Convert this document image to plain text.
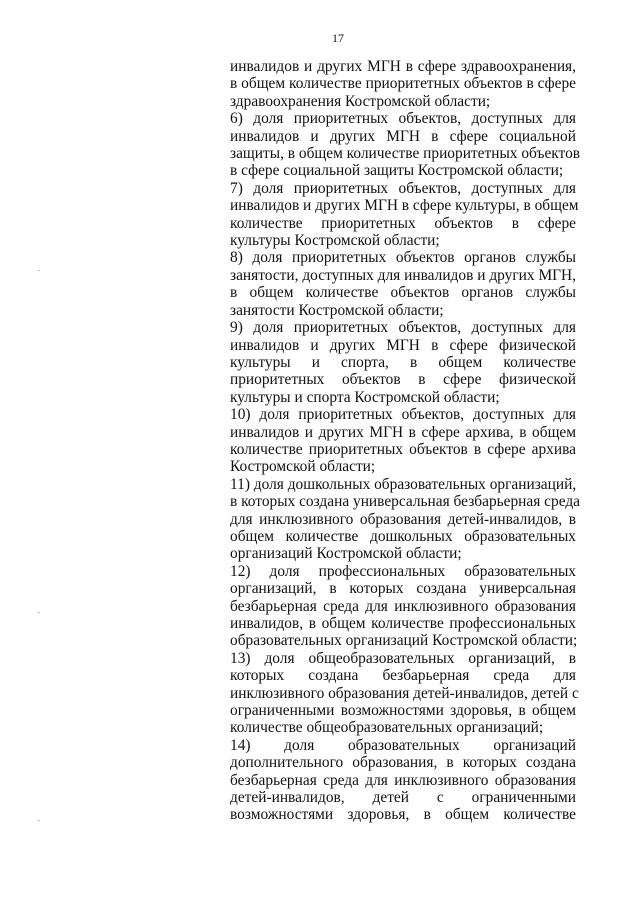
17
инвалидов и других МГН в сфере здравоохранения,
в общем количестве приоритетных объектов в сфере
здравоохранения Костромской области;
6) доля приоритетных объектов, доступных для
инвалидов и других МГН в сфере социальной
защиты, в общем количестве приоритетных объектов
в сфере социальной защиты Костромской области;
7) доля приоритетных объектов, доступных для
инвалидов и других МГН в сфере культуры, в общем
количестве приоритетных объектов в сфере
культуры Костромской области;
8) доля приоритетных объектов органов службы
занятости, доступных для инвалидов и других МГН,
в общем количестве объектов органов службы
занятости Костромской области;
9) доля приоритетных объектов, доступных для
инвалидов и других МГН в сфере физической
культуры и спорта, в общем количестве
приоритетных объектов в сфере физической
культуры и спорта Костромской области;
10) доля приоритетных объектов, доступных для
инвалидов и других МГН в сфере архива, в общем
количестве приоритетных объектов в сфере архива
Костромской области;
11) доля дошкольных образовательных организаций,
в которых создана универсальная безбарьерная среда
для инклюзивного образования детей-инвалидов, в
общем количестве дошкольных образовательных
организаций Костромской области;
12) доля профессиональных образовательных
организаций, в которых создана универсальная
безбарьерная среда для инклюзивного образования
инвалидов, в общем количестве профессиональных
образовательных организаций Костромской области;
13) доля общеобразовательных организаций, в
которых создана безбарьерная среда для
инклюзивного образования детей-инвалидов, детей с
ограниченными возможностями здоровья, в общем
количестве общеобразовательных организаций;
14) доля образовательных организаций
дополнительного образования, в которых создана
безбарьерная среда для инклюзивного образования
детей-инвалидов, детей с ограниченными
возможностями здоровья, в общем количестве
